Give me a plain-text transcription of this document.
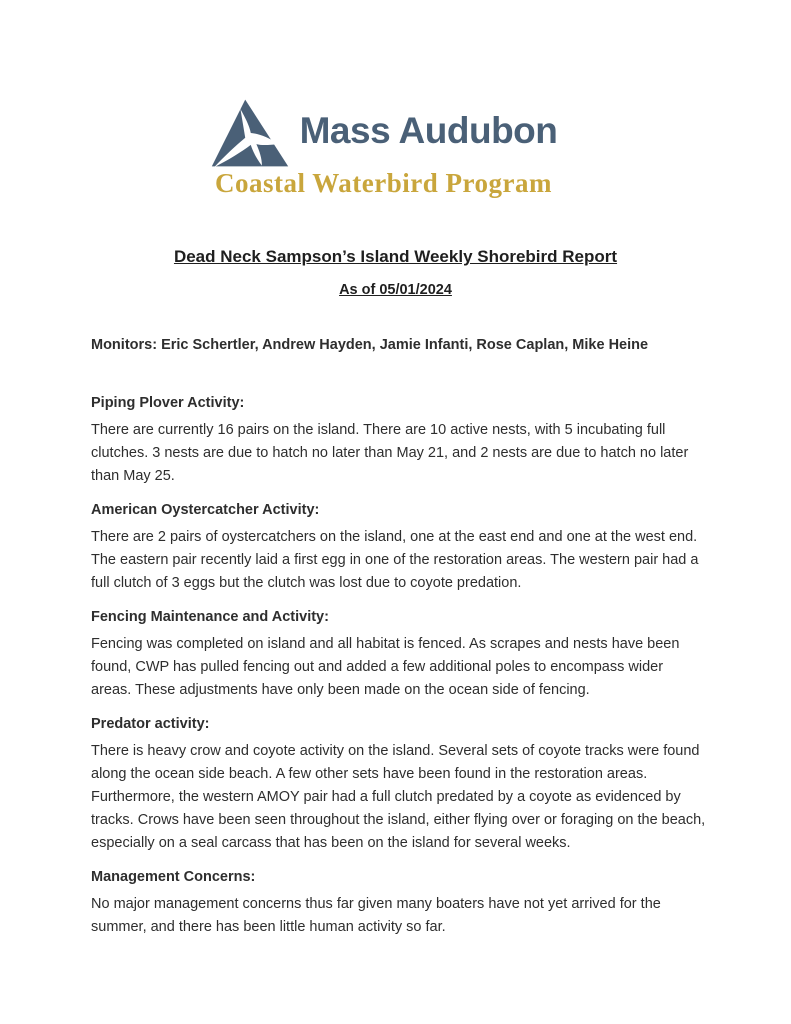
Mass Audubon
Coastal Waterbird Program
Dead Neck Sampson’s Island Weekly Shorebird Report
As of 05/01/2024

Monitors: Eric Schertler, Andrew Hayden, Jamie Infanti, Rose Caplan, Mike Heine

Piping Plover Activity:

There are currently 16 pairs on the island. There are 10 active nests, with 5 incubating full clutches. 3 nests are due to hatch no later than May 21, and 2 nests are due to hatch no later than May 25.

American Oystercatcher Activity:

There are 2 pairs of oystercatchers on the island, one at the east end and one at the west end. The eastern pair recently laid a first egg in one of the restoration areas. The western pair had a full clutch of 3 eggs but the clutch was lost due to coyote predation.

Fencing Maintenance and Activity:

Fencing was completed on island and all habitat is fenced. As scrapes and nests have been found, CWP has pulled fencing out and added a few additional poles to encompass wider areas. These adjustments have only been made on the ocean side of fencing.

Predator activity:

There is heavy crow and coyote activity on the island. Several sets of coyote tracks were found along the ocean side beach. A few other sets have been found in the restoration areas. Furthermore, the western AMOY pair had a full clutch predated by a coyote as evidenced by tracks. Crows have been seen throughout the island, either flying over or foraging on the beach, especially on a seal carcass that has been on the island for several weeks.

Management Concerns:

No major management concerns thus far given many boaters have not yet arrived for the summer, and there has been little human activity so far.
